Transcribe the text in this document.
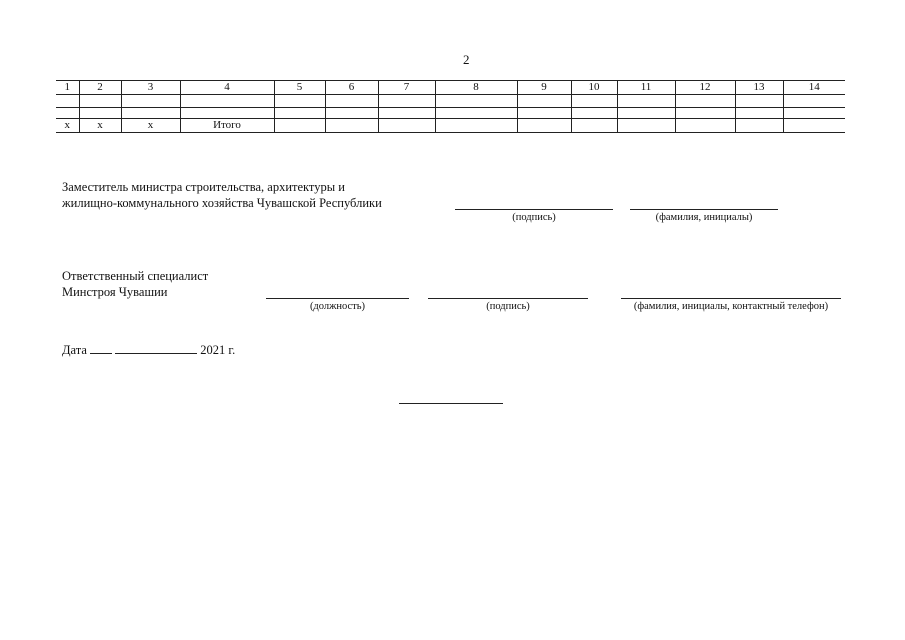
2
1	2	3	4	5	6	7	8	9	10	11	12	13	14

х	х	х	Итого										
Заместитель министра строительства, архитектуры и
жилищно-коммунального хозяйства Чувашской Республики
(подпись)	(фамилия, инициалы)
Ответственный специалист
Минстроя Чувашии
(должность)	(подпись)	(фамилия, инициалы, контактный телефон)
Дата	2021 г.
